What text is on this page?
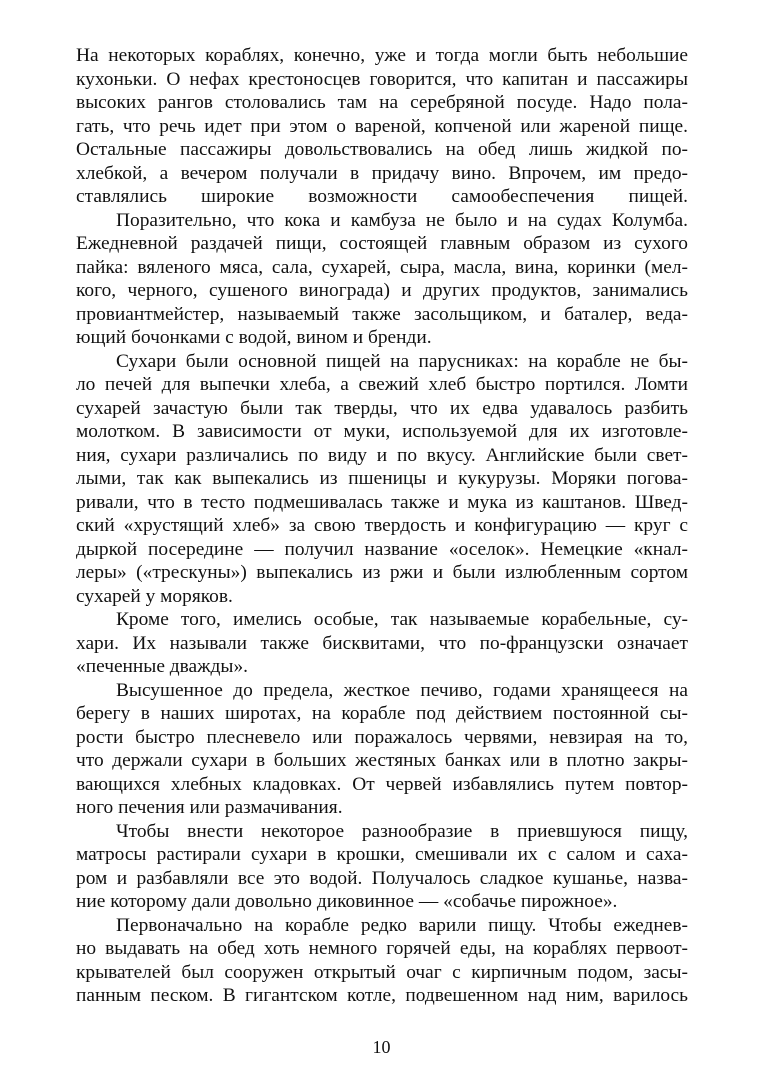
На некоторых кораблях, конечно, уже и тогда могли быть небольшие
кухоньки. О нефах крестоносцев говорится, что капитан и пассажиры
высоких рангов столовались там на серебряной посуде. Надо пола-
гать, что речь идет при этом о вареной, копченой или жареной пище.
Остальные пассажиры довольствовались на обед лишь жидкой по-
хлебкой, а вечером получали в придачу вино. Впрочем, им предо-
ставлялись широкие возможности самообеспечения пищей.
Поразительно, что кока и камбуза не было и на судах Колумба.
Ежедневной раздачей пищи, состоящей главным образом из сухого
пайка: вяленого мяса, сала, сухарей, сыра, масла, вина, коринки (мел-
кого, черного, сушеного винограда) и других продуктов, занимались
провиантмейстер, называемый также засольщиком, и баталер, веда-
ющий бочонками с водой, вином и бренди.
Сухари были основной пищей на парусниках: на корабле не бы-
ло печей для выпечки хлеба, а свежий хлеб быстро портился. Ломти
сухарей зачастую были так тверды, что их едва удавалось разбить
молотком. В зависимости от муки, используемой для их изготовле-
ния, сухари различались по виду и по вкусу. Английские были свет-
лыми, так как выпекались из пшеницы и кукурузы. Моряки погова-
ривали, что в тесто подмешивалась также и мука из каштанов. Швед-
ский «хрустящий хлеб» за свою твердость и конфигурацию — круг с
дыркой посередине — получил название «оселок». Немецкие «кнал-
леры» («трескуны») выпекались из ржи и были излюбленным сортом
сухарей у моряков.
Кроме того, имелись особые, так называемые корабельные, су-
хари. Их называли также бисквитами, что по-французски означает
«печенные дважды».
Высушенное до предела, жесткое печиво, годами хранящееся на
берегу в наших широтах, на корабле под действием постоянной сы-
рости быстро плесневело или поражалось червями, невзирая на то,
что держали сухари в больших жестяных банках или в плотно закры-
вающихся хлебных кладовках. От червей избавлялись путем повтор-
ного печения или размачивания.
Чтобы внести некоторое разнообразие в приевшуюся пищу,
матросы растирали сухари в крошки, смешивали их с салом и саха-
ром и разбавляли все это водой. Получалось сладкое кушанье, назва-
ние которому дали довольно диковинное — «собачье пирожное».
Первоначально на корабле редко варили пищу. Чтобы ежеднев-
но выдавать на обед хоть немного горячей еды, на кораблях первоот-
крывателей был сооружен открытый очаг с кирпичным подом, засы-
панным песком. В гигантском котле, подвешенном над ним, варилось
10
